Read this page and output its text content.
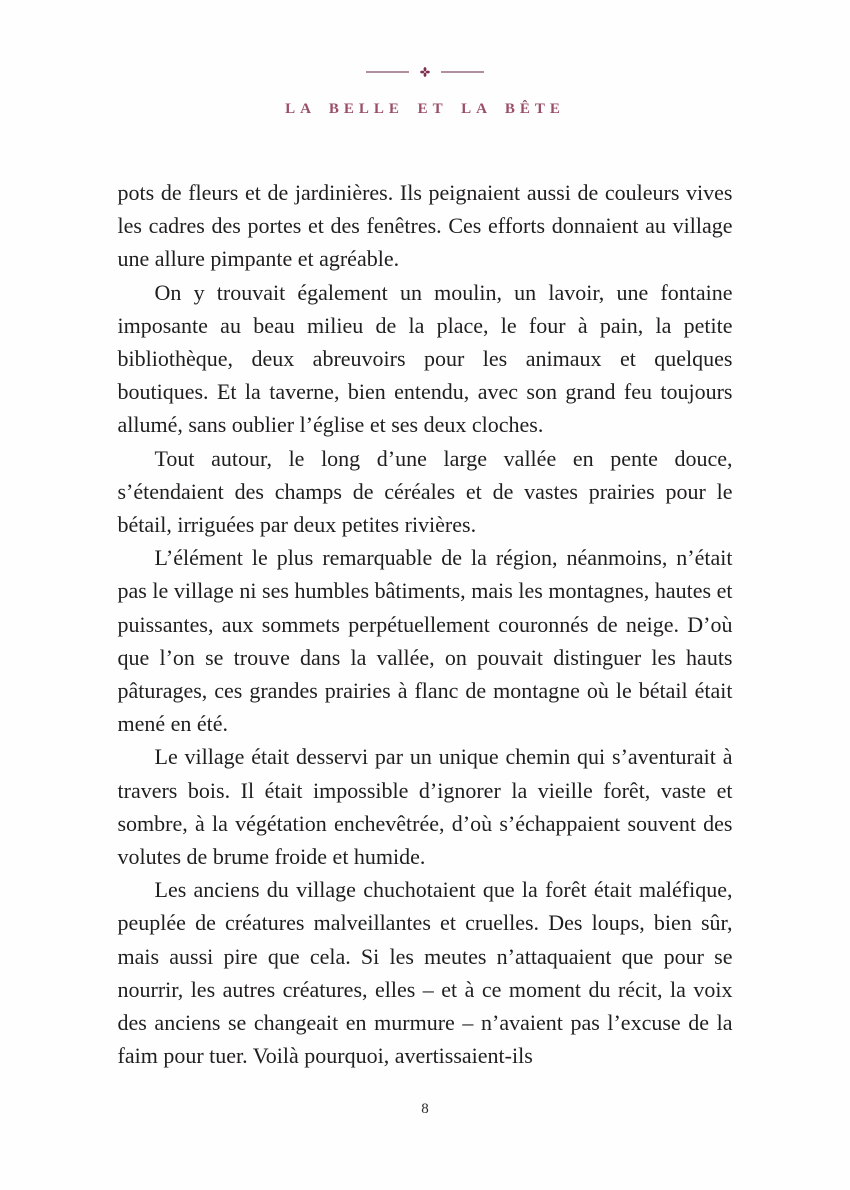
LA BELLE ET LA BÊTE

pots de fleurs et de jardinières. Ils peignaient aussi de couleurs vives les cadres des portes et des fenêtres. Ces efforts donnaient au village une allure pimpante et agréable.

On y trouvait également un moulin, un lavoir, une fontaine imposante au beau milieu de la place, le four à pain, la petite bibliothèque, deux abreuvoirs pour les animaux et quelques boutiques. Et la taverne, bien entendu, avec son grand feu toujours allumé, sans oublier l’église et ses deux cloches.

Tout autour, le long d’une large vallée en pente douce, s’étendaient des champs de céréales et de vastes prairies pour le bétail, irriguées par deux petites rivières.

L’élément le plus remarquable de la région, néanmoins, n’était pas le village ni ses humbles bâtiments, mais les montagnes, hautes et puissantes, aux sommets perpétuellement couronnés de neige. D’où que l’on se trouve dans la vallée, on pouvait distinguer les hauts pâturages, ces grandes prairies à flanc de montagne où le bétail était mené en été.

Le village était desservi par un unique chemin qui s’aventurait à travers bois. Il était impossible d’ignorer la vieille forêt, vaste et sombre, à la végétation enchevêtrée, d’où s’échappaient souvent des volutes de brume froide et humide.

Les anciens du village chuchotaient que la forêt était maléfique, peuplée de créatures malveillantes et cruelles. Des loups, bien sûr, mais aussi pire que cela. Si les meutes n’attaquaient que pour se nourrir, les autres créatures, elles – et à ce moment du récit, la voix des anciens se changeait en murmure – n’avaient pas l’excuse de la faim pour tuer. Voilà pourquoi, avertissaient-ils

8
